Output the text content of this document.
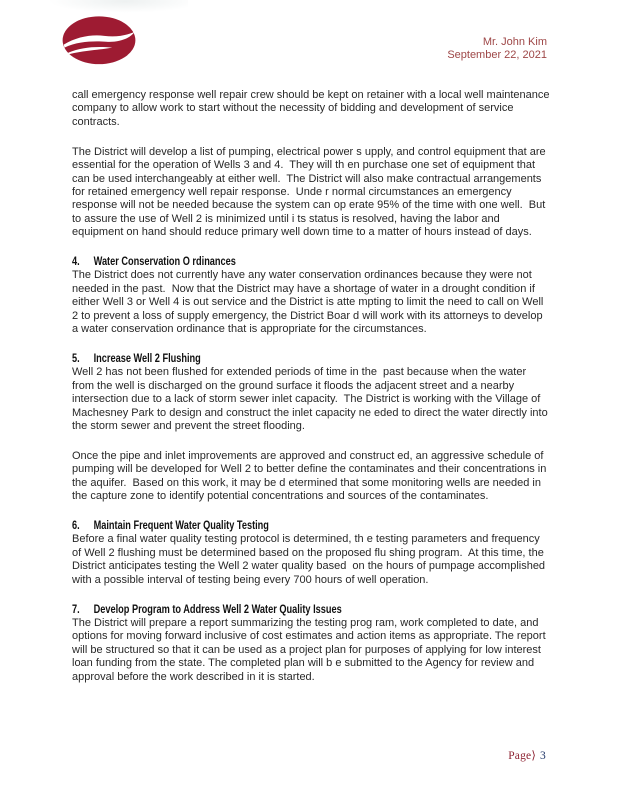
Mr. John Kim
September 22, 2021

call emergency response well repair crew should be kept on retainer with a local well maintenance company to allow work to start without the necessity of bidding and development of service contracts.

The District will develop a list of pumping, electrical power s upply, and control equipment that are essential for the operation of Wells 3 and 4.  They will th en purchase one set of equipment that can be used interchangeably at either well.  The District will also make contractual arrangements for retained emergency well repair response.  Unde r normal circumstances an emergency response will not be needed because the system can op erate 95% of the time with one well.  But to assure the use of Well 2 is minimized until i ts status is resolved, having the labor and equipment on hand should reduce primary well down time to a matter of hours instead of days.

4.	Water Conservation O rdinances

The District does not currently have any water conservation ordinances because they were not needed in the past.  Now that the District may have a shortage of water in a drought condition if either Well 3 or Well 4 is out service and the District is atte mpting to limit the need to call on Well 2 to prevent a loss of supply emergency, the District Boar d will work with its attorneys to develop a water conservation ordinance that is appropriate for the circumstances.

5.	Increase Well 2 Flushing

Well 2 has not been flushed for extended periods of time in the  past because when the water from the well is discharged on the ground surface it floods the adjacent street and a nearby intersection due to a lack of storm sewer inlet capacity.  The District is working with the Village of Machesney Park to design and construct the inlet capacity ne eded to direct the water directly into the storm sewer and prevent the street flooding.

Once the pipe and inlet improvements are approved and construct ed, an aggressive schedule of pumping will be developed for Well 2 to better define the contaminates and their concentrations in the aquifer.  Based on this work, it may be d etermined that some monitoring wells are needed in the capture zone to identify potential concentrations and sources of the contaminates.

6.	Maintain Frequent Water Quality Testing

Before a final water quality testing protocol is determined, th e testing parameters and frequency of Well 2 flushing must be determined based on the proposed flu shing program.  At this time, the District anticipates testing the Well 2 water quality based  on the hours of pumpage accomplished with a possible interval of testing being every 700 hours of well operation.

7.	Develop Program to Address Well 2 Water Quality Issues

The District will prepare a report summarizing the testing prog ram, work completed to date, and options for moving forward inclusive of cost estimates and action items as appropriate. The report will be structured so that it can be used as a project plan for purposes of applying for low interest loan funding from the state. The completed plan will b e submitted to the Agency for review and approval before the work described in it is started.

Page⟩ 3
